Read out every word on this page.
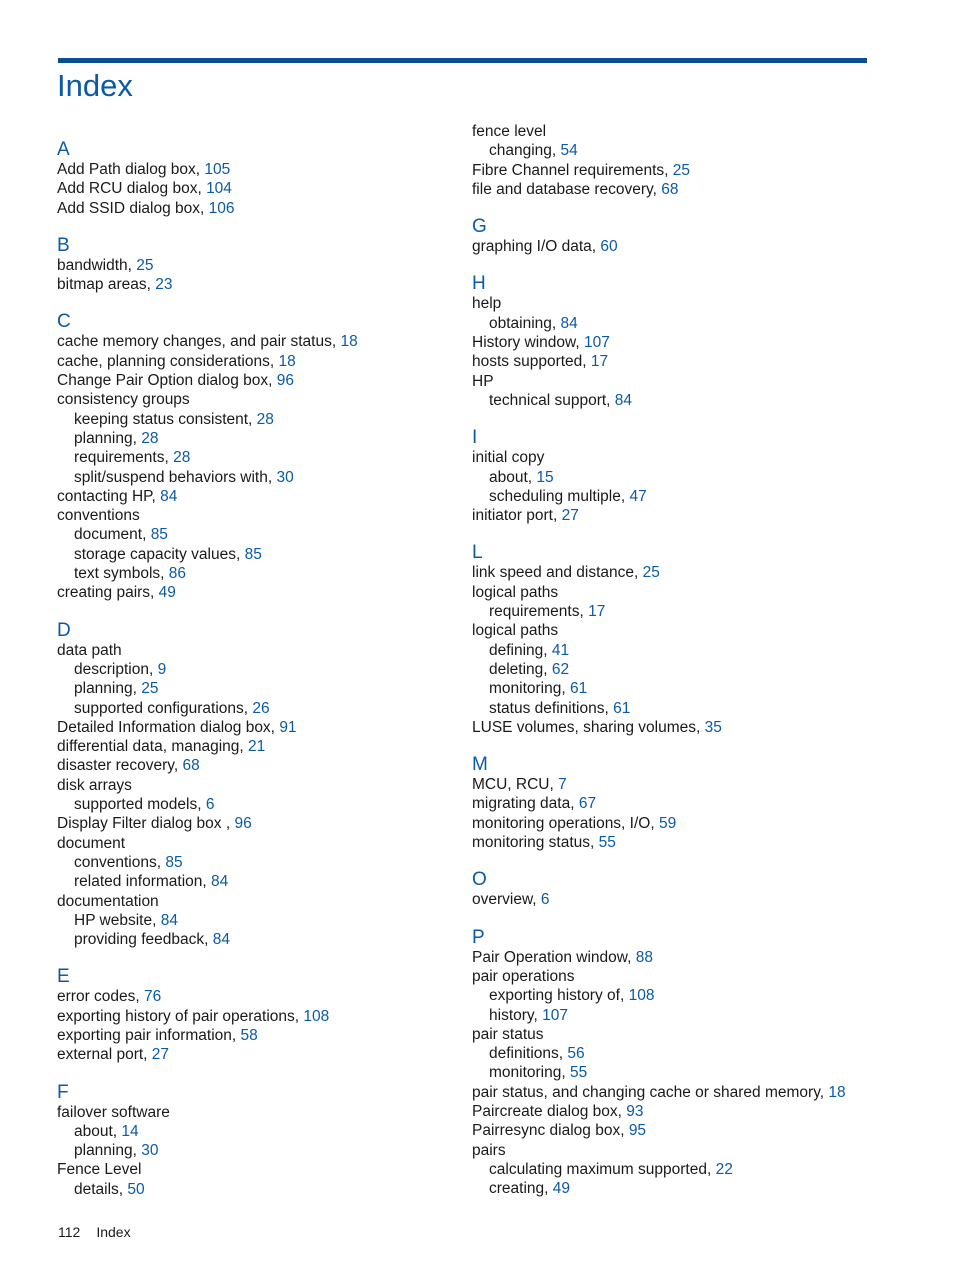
Index
A
Add Path dialog box, 105
Add RCU dialog box, 104
Add SSID dialog box, 106
B
bandwidth, 25
bitmap areas, 23
C
cache memory changes, and pair status, 18
cache, planning considerations, 18
Change Pair Option dialog box, 96
consistency groups
keeping status consistent, 28
planning, 28
requirements, 28
split/suspend behaviors with, 30
contacting HP, 84
conventions
document, 85
storage capacity values, 85
text symbols, 86
creating pairs, 49
D
data path
description, 9
planning, 25
supported configurations, 26
Detailed Information dialog box, 91
differential data, managing, 21
disaster recovery, 68
disk arrays
supported models, 6
Display Filter dialog box , 96
document
conventions, 85
related information, 84
documentation
HP website, 84
providing feedback, 84
E
error codes, 76
exporting history of pair operations, 108
exporting pair information, 58
external port, 27
F
failover software
about, 14
planning, 30
Fence Level
details, 50
fence level
changing, 54
Fibre Channel requirements, 25
file and database recovery, 68
G
graphing I/O data, 60
H
help
obtaining, 84
History window, 107
hosts supported, 17
HP
technical support, 84
I
initial copy
about, 15
scheduling multiple, 47
initiator port, 27
L
link speed and distance, 25
logical paths
requirements, 17
logical paths
defining, 41
deleting, 62
monitoring, 61
status definitions, 61
LUSE volumes, sharing volumes, 35
M
MCU, RCU, 7
migrating data, 67
monitoring operations, I/O, 59
monitoring status, 55
O
overview, 6
P
Pair Operation window, 88
pair operations
exporting history of, 108
history, 107
pair status
definitions, 56
monitoring, 55
pair status, and changing cache or shared memory, 18
Paircreate dialog box, 93
Pairresync dialog box, 95
pairs
calculating maximum supported, 22
creating, 49
112 Index
